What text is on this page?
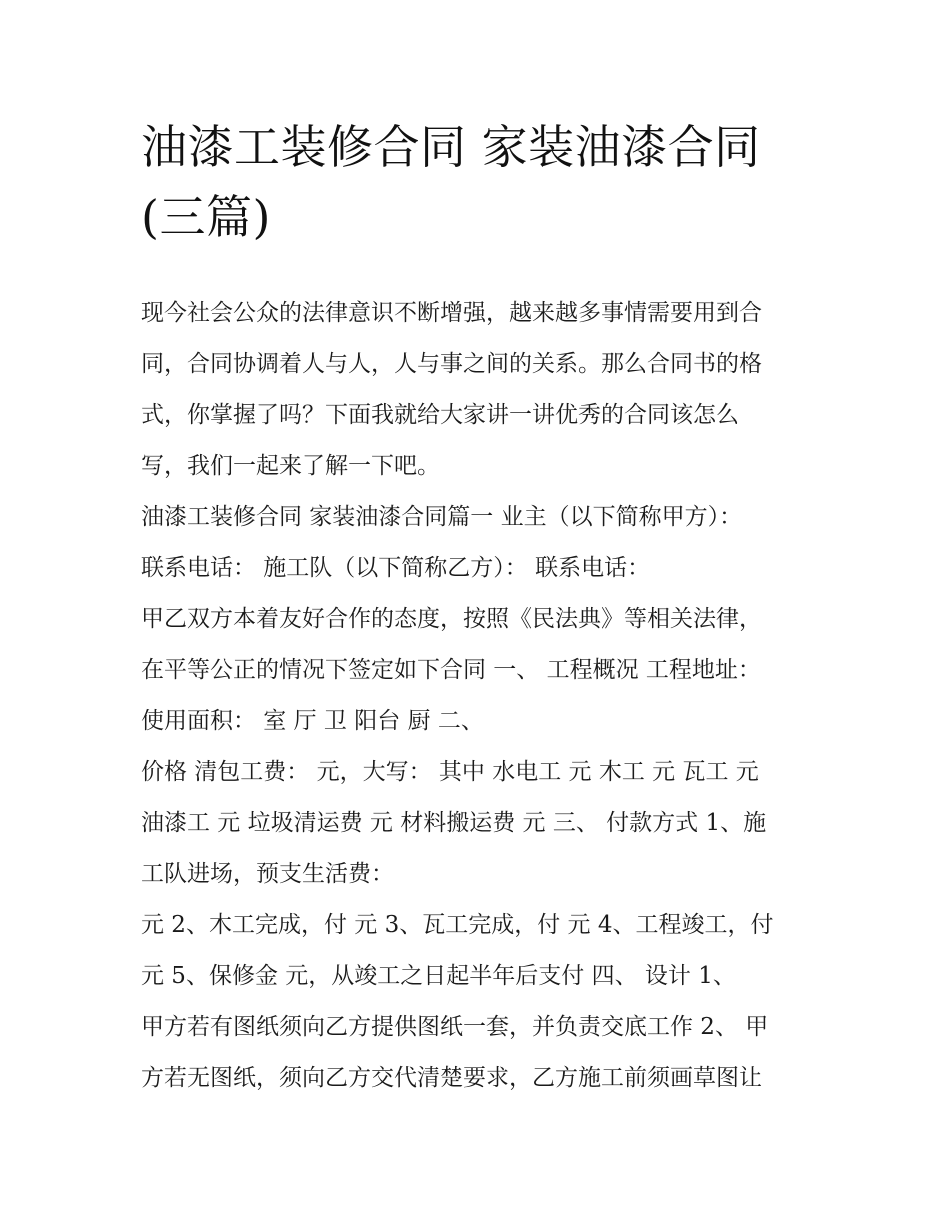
油漆工装修合同 家装油漆合同
(三篇)
现今社会公众的法律意识不断增强，越来越多事情需要用到合
同，合同协调着人与人，人与事之间的关系。那么合同书的格
式，你掌握了吗？下面我就给大家讲一讲优秀的合同该怎么
写，我们一起来了解一下吧。
油漆工装修合同 家装油漆合同篇一 业主（以下简称甲方）：
联系电话： 施工队（以下简称乙方）： 联系电话：
甲乙双方本着友好合作的态度，按照《民法典》等相关法律，
在平等公正的情况下签定如下合同 一、 工程概况 工程地址：
使用面积： 室 厅 卫 阳台 厨 二、
价格 清包工费： 元，大写： 其中 水电工 元 木工 元 瓦工 元
油漆工 元 垃圾清运费 元 材料搬运费 元 三、 付款方式 1、施
工队进场，预支生活费：
元 2、木工完成，付 元 3、瓦工完成，付 元 4、工程竣工，付
元 5、保修金 元，从竣工之日起半年后支付 四、 设计 1、
甲方若有图纸须向乙方提供图纸一套，并负责交底工作 2、 甲
方若无图纸，须向乙方交代清楚要求，乙方施工前须画草图让
